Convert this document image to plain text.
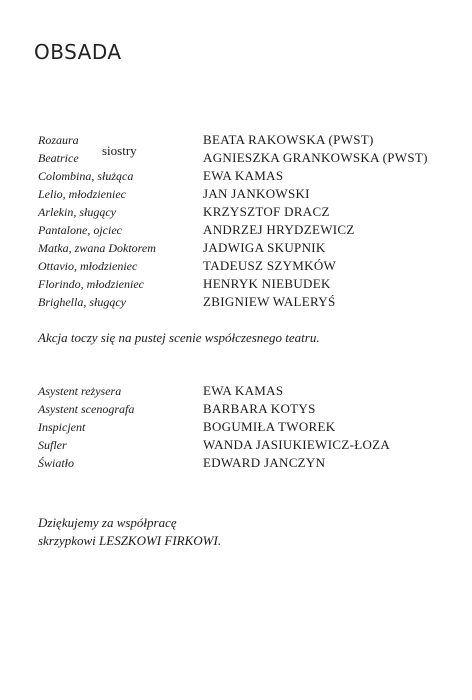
OBSADA
Rozaura	BEATA RAKOWSKA (PWST)
siostry
Beatrice	AGNIESZKA GRANKOWSKA (PWST)
Colombina, służąca	EWA KAMAS
Lelio, młodzieniec	JAN JANKOWSKI
Arlekin, sługący	KRZYSZTOF DRACZ
Pantalone, ojciec	ANDRZEJ HRYDZEWICZ
Matka, zwana Doktorem	JADWIGA SKUPNIK
Ottavio, młodzieniec	TADEUSZ SZYMKÓW
Florindo, młodzieniec	HENRYK NIEBUDEK
Brighella, sługący	ZBIGNIEW WALERYŚ
Akcja toczy się na pustej scenie współczesnego teatru.
Asystent reżysera	EWA KAMAS
Asystent scenografa	BARBARA KOTYS
Inspicjent	BOGUMIŁA TWOREK
Sufler	WANDA JASIUKIEWICZ-ŁOZA
Światło	EDWARD JANCZYN
Dziękujemy za współpracę
skrzypkowi LESZKOWI FIRKOWI.
